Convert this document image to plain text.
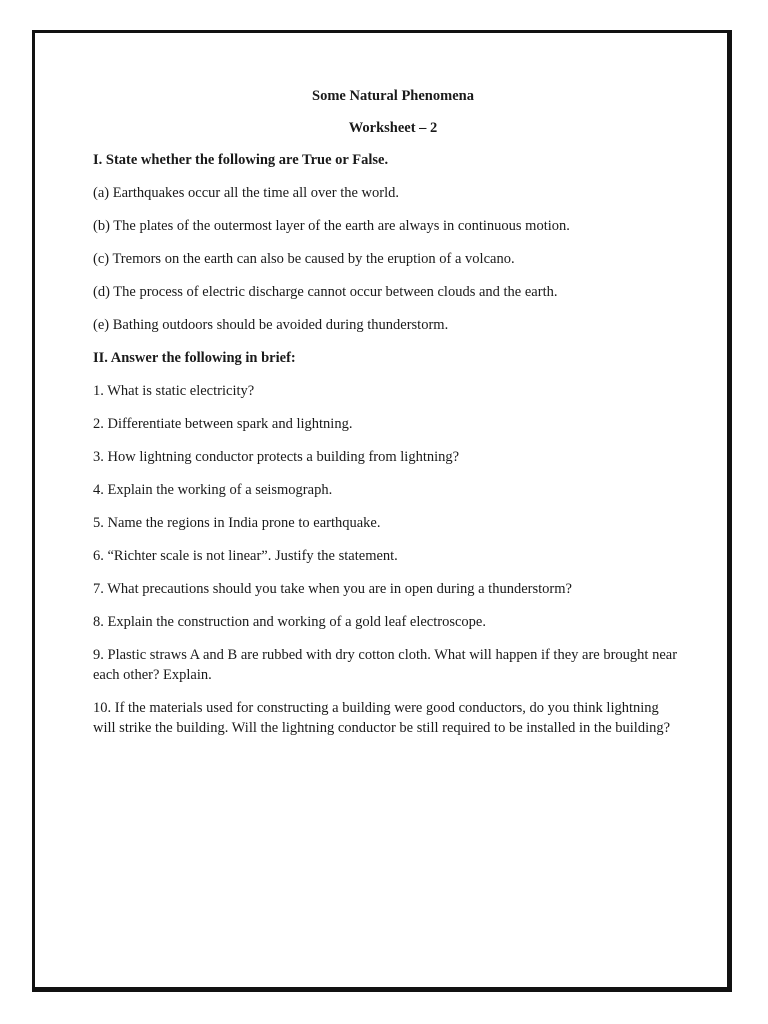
Some Natural Phenomena

Worksheet – 2

I. State whether the following are True or False.

(a) Earthquakes occur all the time all over the world.

(b) The plates of the outermost layer of the earth are always in continuous motion.

(c) Tremors on the earth can also be caused by the eruption of a volcano.

(d) The process of electric discharge cannot occur between clouds and the earth.

(e) Bathing outdoors should be avoided during thunderstorm.

II. Answer the following in brief:

1. What is static electricity?

2. Differentiate between spark and lightning.

3. How lightning conductor protects a building from lightning?

4. Explain the working of a seismograph.

5. Name the regions in India prone to earthquake.

6. “Richter scale is not linear”. Justify the statement.

7. What precautions should you take when you are in open during a thunderstorm?

8. Explain the construction and working of a gold leaf electroscope.

9. Plastic straws A and B are rubbed with dry cotton cloth. What will happen if they are brought near each other? Explain.

10. If the materials used for constructing a building were good conductors, do you think lightning will strike the building. Will the lightning conductor be still required to be installed in the building?
